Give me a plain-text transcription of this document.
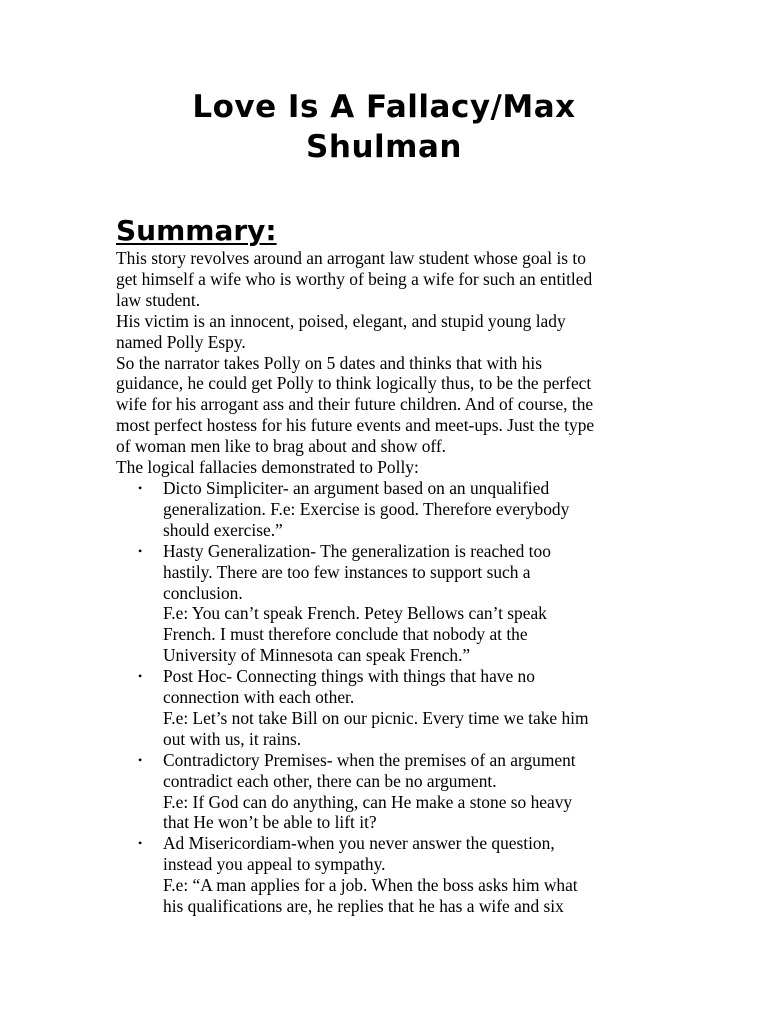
Love Is A Fallacy/Max
Shulman
Summary:

This story revolves around an arrogant law student whose goal is to
get himself a wife who is worthy of being a wife for such an entitled
law student.

His victim is an innocent, poised, elegant, and stupid young lady
named Polly Espy.

So the narrator takes Polly on 5 dates and thinks that with his
guidance, he could get Polly to think logically thus, to be the perfect
wife for his arrogant ass and their future children. And of course, the
most perfect hostess for his future events and meet-ups. Just the type
of woman men like to brag about and show off.

The logical fallacies demonstrated to Polly:

• Dicto Simpliciter- an argument based on an unqualified
generalization. F.e: Exercise is good. Therefore everybody
should exercise.”
• Hasty Generalization- The generalization is reached too
hastily. There are too few instances to support such a
conclusion.
F.e: You can’t speak French. Petey Bellows can’t speak
French. I must therefore conclude that nobody at the
University of Minnesota can speak French.”
• Post Hoc- Connecting things with things that have no
connection with each other.
F.e: Let’s not take Bill on our picnic. Every time we take him
out with us, it rains.
• Contradictory Premises- when the premises of an argument
contradict each other, there can be no argument.
F.e: If God can do anything, can He make a stone so heavy
that He won’t be able to lift it?
• Ad Misericordiam-when you never answer the question,
instead you appeal to sympathy.
F.e: “A man applies for a job. When the boss asks him what
his qualifications are, he replies that he has a wife and six
